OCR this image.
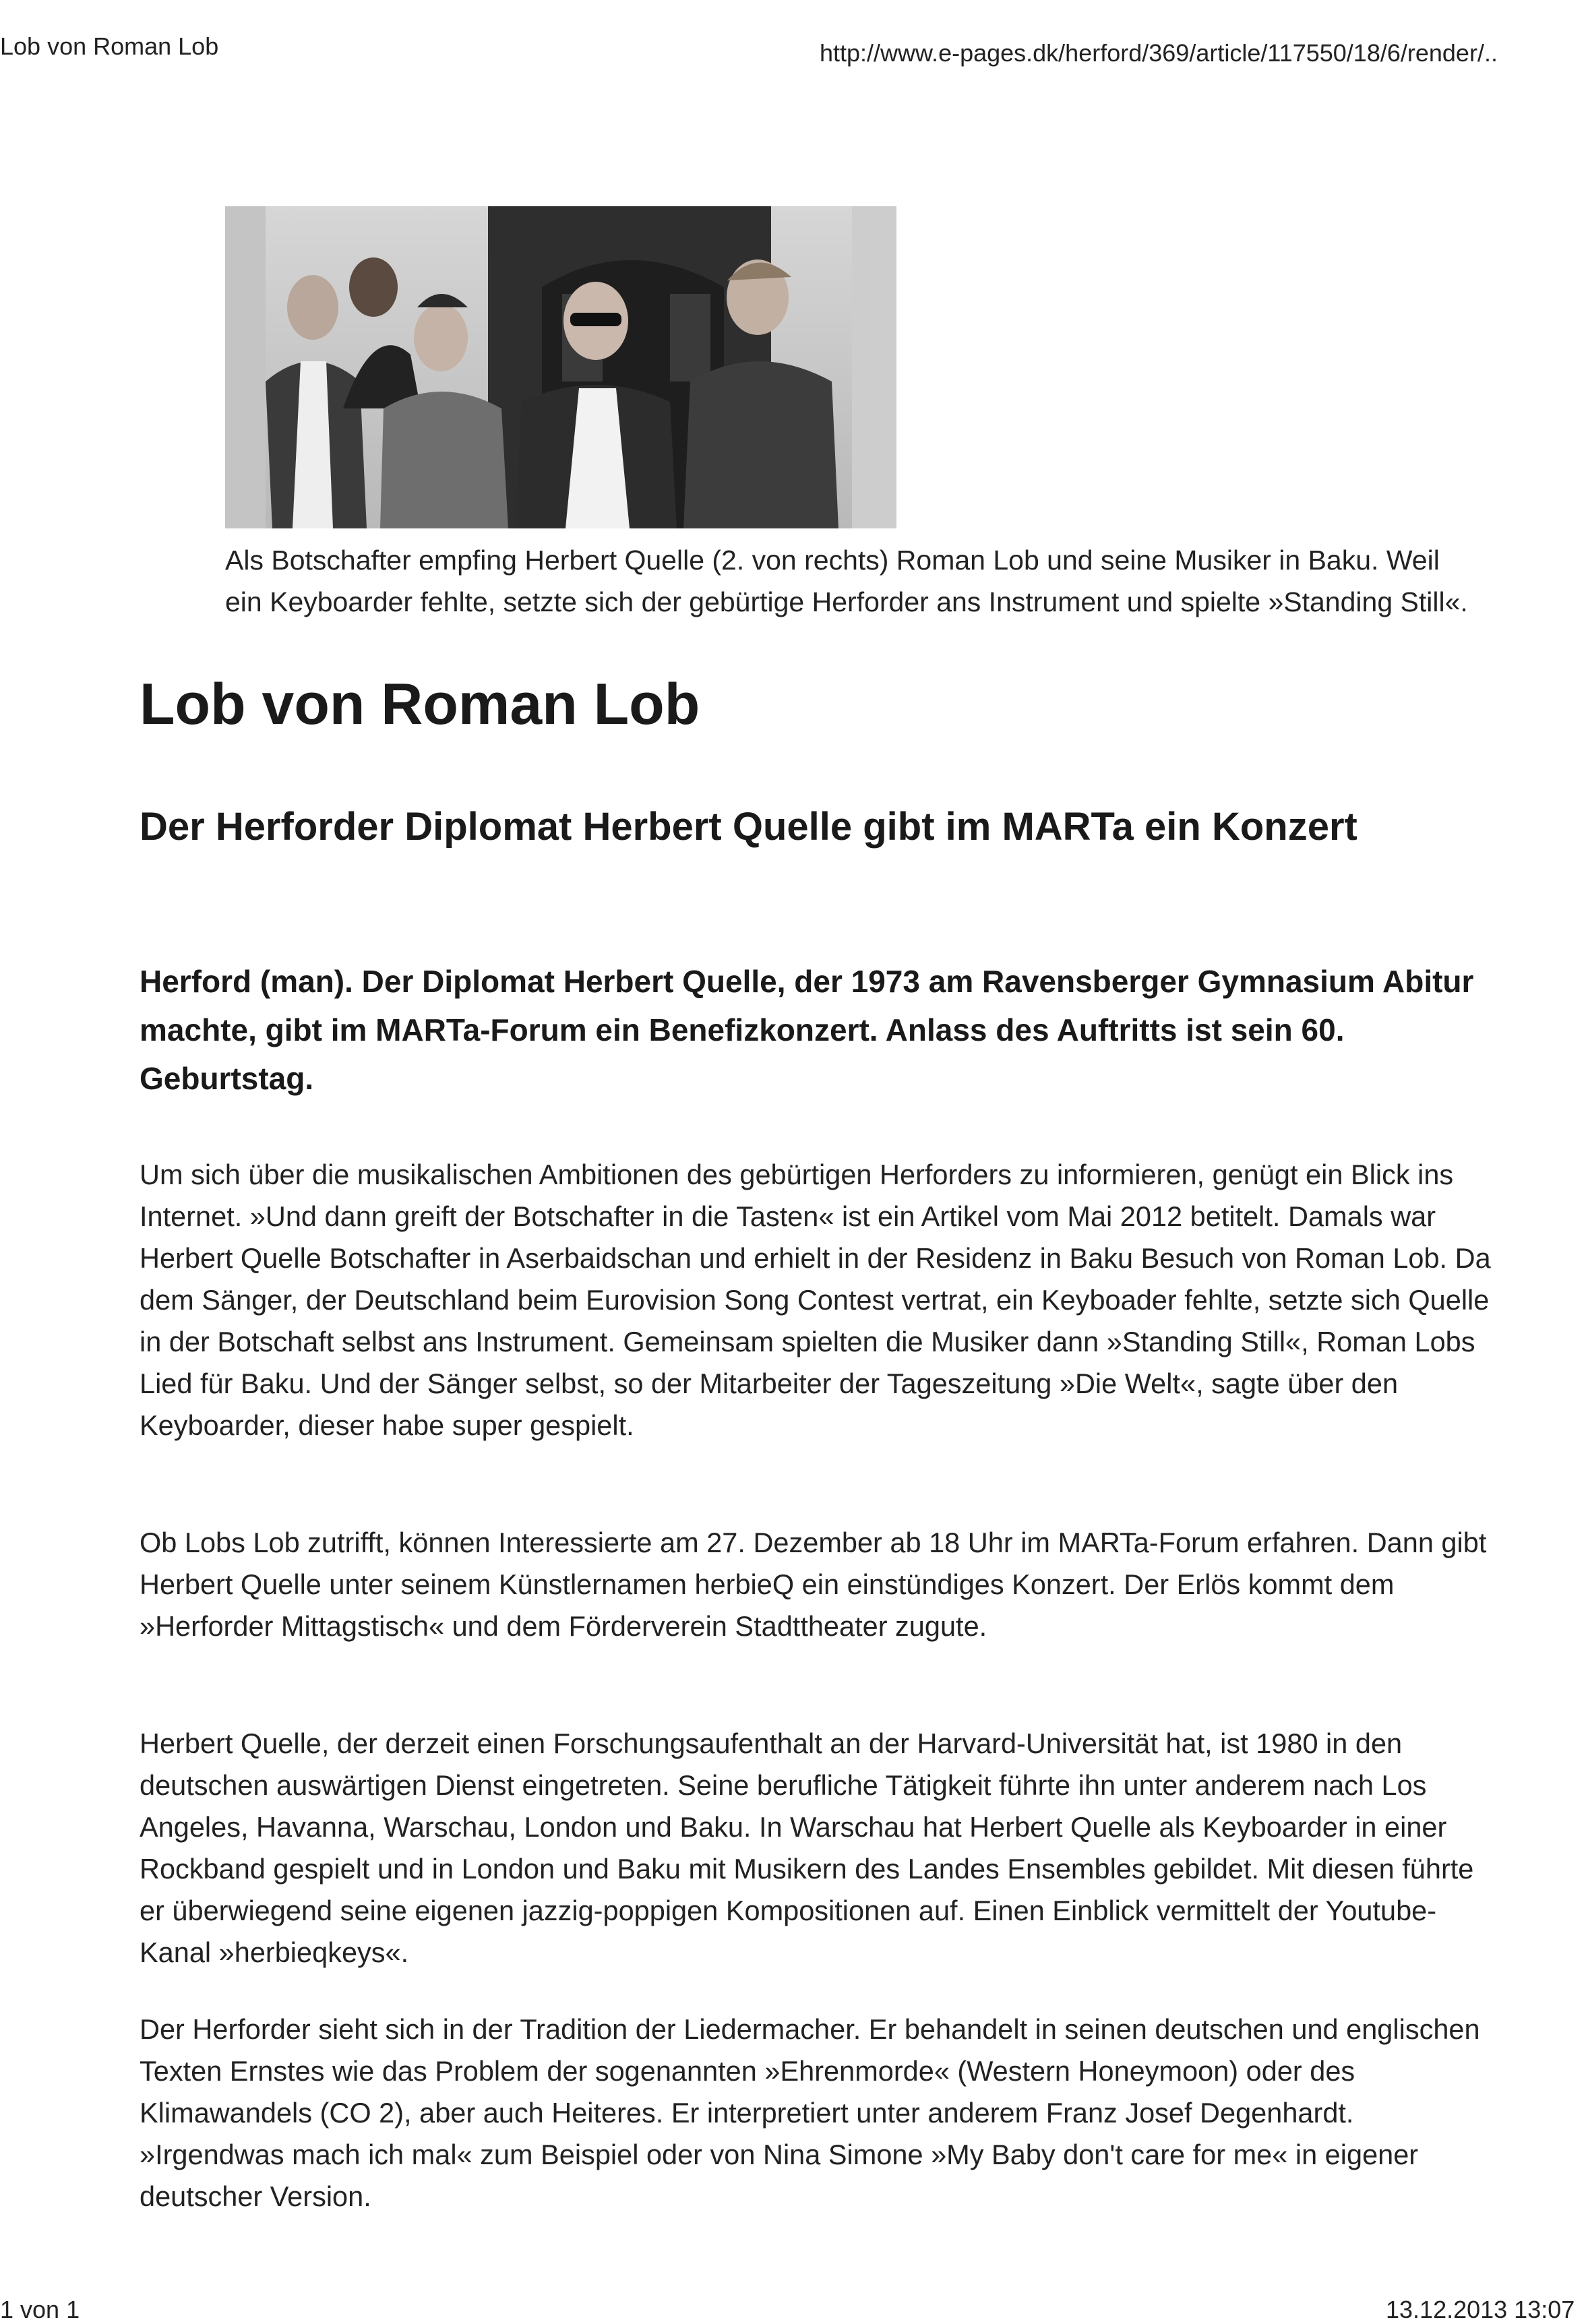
Lob von Roman Lob	http://www.e-pages.dk/herford/369/article/117550/18/6/render/..
Als Botschafter empfing Herbert Quelle (2. von rechts) Roman Lob und seine Musiker in Baku. Weil ein Keyboarder fehlte, setzte sich der gebürtige Herforder ans Instrument und spielte »Standing Still«.
Lob von Roman Lob
Der Herforder Diplomat Herbert Quelle gibt im MARTa ein Konzert

Herford (man). Der Diplomat Herbert Quelle, der 1973 am Ravensberger Gymnasium Abitur machte, gibt im MARTa-Forum ein Benefizkonzert. Anlass des Auftritts ist sein 60. Geburtstag.

Um sich über die musikalischen Ambitionen des gebürtigen Herforders zu informieren, genügt ein Blick ins Internet. »Und dann greift der Botschafter in die Tasten« ist ein Artikel vom Mai 2012 betitelt. Damals war Herbert Quelle Botschafter in Aserbaidschan und erhielt in der Residenz in Baku Besuch von Roman Lob. Da dem Sänger, der Deutschland beim Eurovision Song Contest vertrat, ein Keyboader fehlte, setzte sich Quelle in der Botschaft selbst ans Instrument. Gemeinsam spielten die Musiker dann »Standing Still«, Roman Lobs Lied für Baku. Und der Sänger selbst, so der Mitarbeiter der Tageszeitung »Die Welt«, sagte über den Keyboarder, dieser habe super gespielt.

Ob Lobs Lob zutrifft, können Interessierte am 27. Dezember ab 18 Uhr im MARTa-Forum erfahren. Dann gibt Herbert Quelle unter seinem Künstlernamen herbieQ ein einstündiges Konzert. Der Erlös kommt dem »Herforder Mittagstisch« und dem Förderverein Stadttheater zugute.

Herbert Quelle, der derzeit einen Forschungsaufenthalt an der Harvard-Universität hat, ist 1980 in den deutschen auswärtigen Dienst eingetreten. Seine berufliche Tätigkeit führte ihn unter anderem nach Los Angeles, Havanna, Warschau, London und Baku. In Warschau hat Herbert Quelle als Keyboarder in einer Rockband gespielt und in London und Baku mit Musikern des Landes Ensembles gebildet. Mit diesen führte er überwiegend seine eigenen jazzig-poppigen Kompositionen auf. Einen Einblick vermittelt der Youtube-Kanal »herbieqkeys«.

Der Herforder sieht sich in der Tradition der Liedermacher. Er behandelt in seinen deutschen und englischen Texten Ernstes wie das Problem der sogenannten »Ehrenmorde« (Western Honeymoon) oder des Klimawandels (CO 2), aber auch Heiteres. Er interpretiert unter anderem Franz Josef Degenhardt. »Irgendwas mach ich mal« zum Beispiel oder von Nina Simone »My Baby don't care for me« in eigener deutscher Version.

1 von 1	13.12.2013 13:07
